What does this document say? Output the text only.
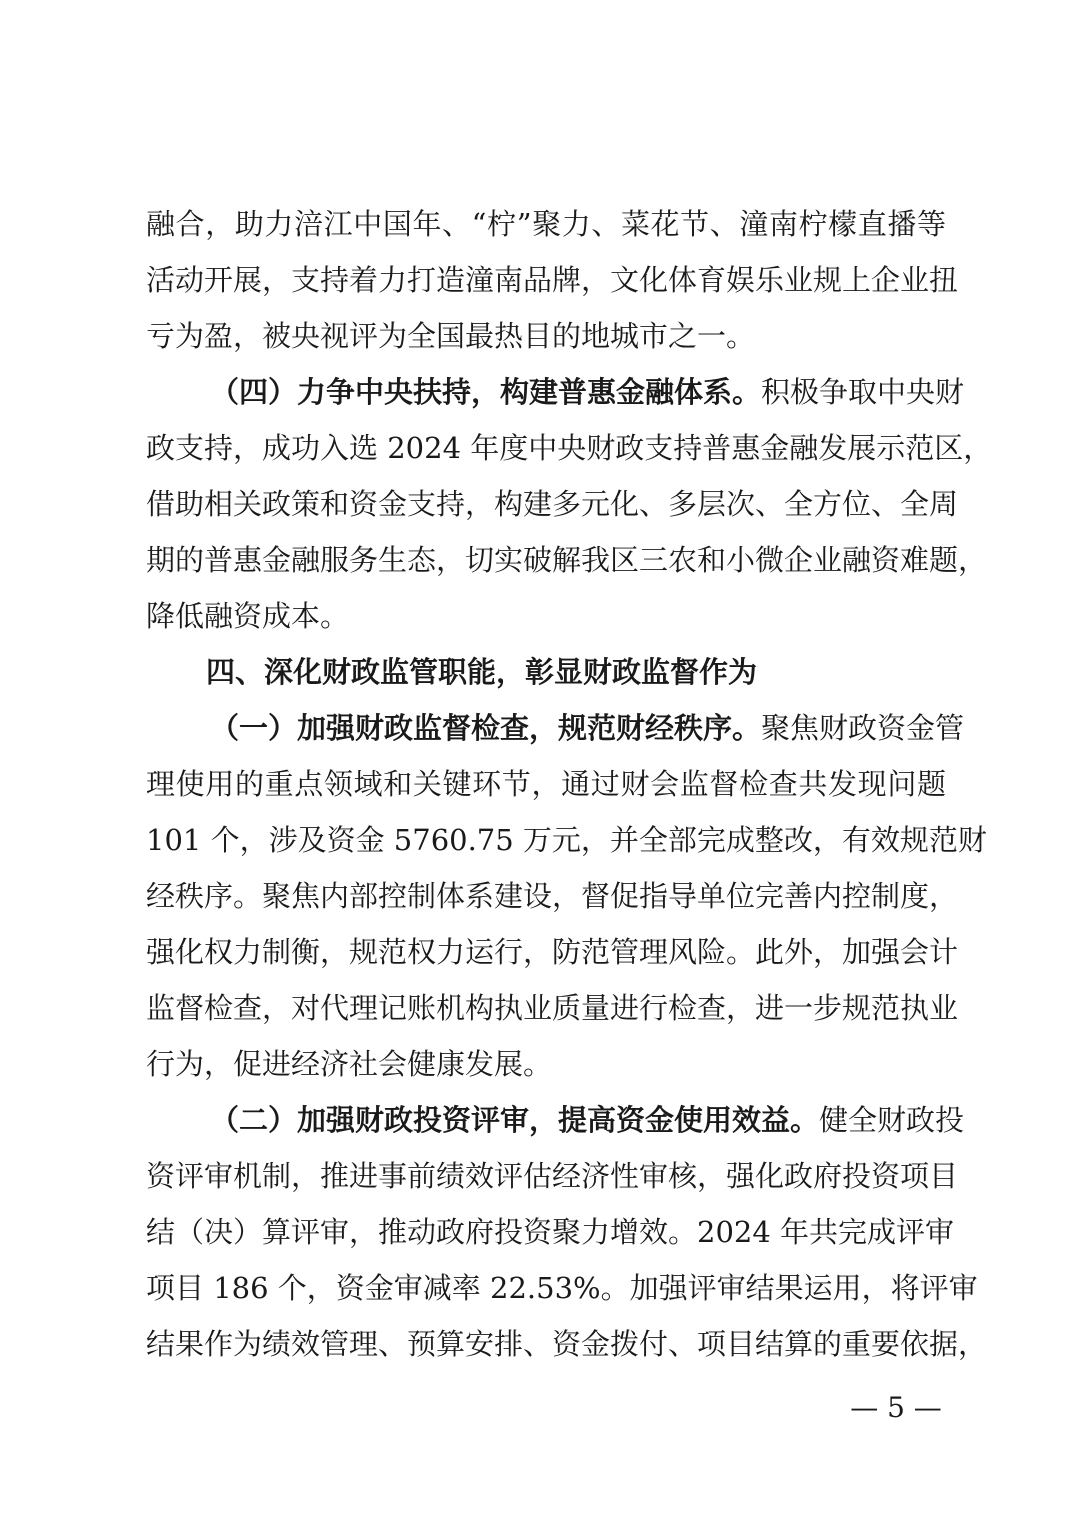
融合，助力涪江中国年、“柠”聚力、菜花节、潼南柠檬直播等
活动开展，支持着力打造潼南品牌，文化体育娱乐业规上企业扭
亏为盈，被央视评为全国最热目的地城市之一。
（四）力争中央扶持，构建普惠金融体系。积极争取中央财
政支持，成功入选 2024 年度中央财政支持普惠金融发展示范区，
借助相关政策和资金支持，构建多元化、多层次、全方位、全周
期的普惠金融服务生态，切实破解我区三农和小微企业融资难题，
降低融资成本。
四、深化财政监管职能，彰显财政监督作为
（一）加强财政监督检查，规范财经秩序。聚焦财政资金管
理使用的重点领域和关键环节，通过财会监督检查共发现问题
101 个，涉及资金 5760.75 万元，并全部完成整改，有效规范财
经秩序。聚焦内部控制体系建设，督促指导单位完善内控制度，
强化权力制衡，规范权力运行，防范管理风险。此外，加强会计
监督检查，对代理记账机构执业质量进行检查，进一步规范执业
行为，促进经济社会健康发展。
（二）加强财政投资评审，提高资金使用效益。健全财政投
资评审机制，推进事前绩效评估经济性审核，强化政府投资项目
结（决）算评审，推动政府投资聚力增效。2024 年共完成评审
项目 186 个，资金审减率 22.53%。加强评审结果运用，将评审
结果作为绩效管理、预算安排、资金拨付、项目结算的重要依据，
— 5 —
